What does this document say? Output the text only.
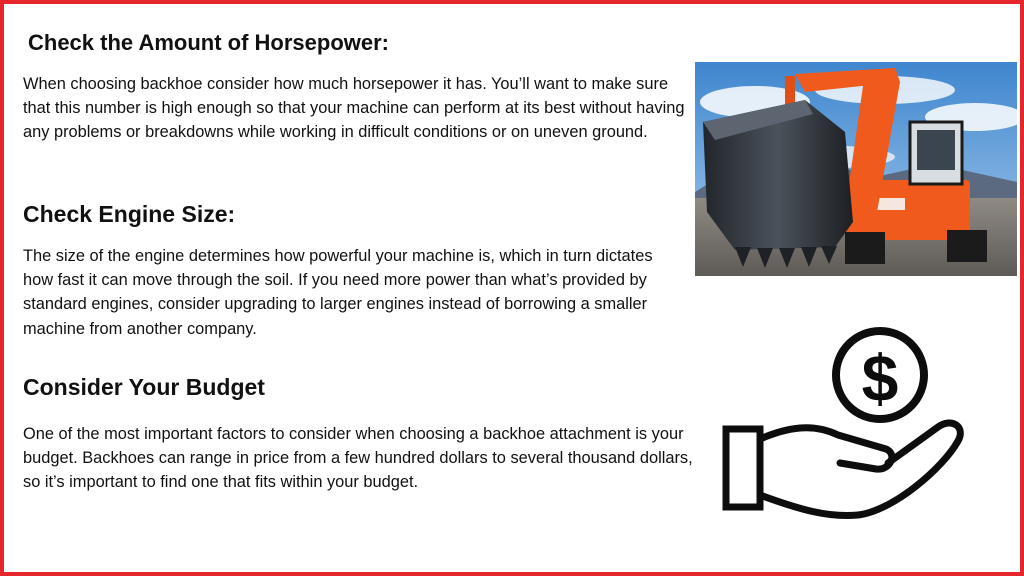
Check the Amount of Horsepower:

When choosing backhoe consider how much horsepower it has. You’ll want to make sure that this number is high enough so that your machine can perform at its best without having any problems or breakdowns while working in difficult conditions or on uneven ground.

Check Engine Size:

The size of the engine determines how powerful your machine is, which in turn dictates how fast it can move through the soil. If you need more power than what’s provided by standard engines, consider upgrading to larger engines instead of borrowing a smaller machine from another company.

Consider Your Budget

One of the most important factors to consider when choosing a backhoe attachment is your budget. Backhoes can range in price from a few hundred dollars to several thousand dollars, so it’s important to find one that fits within your budget.

$
